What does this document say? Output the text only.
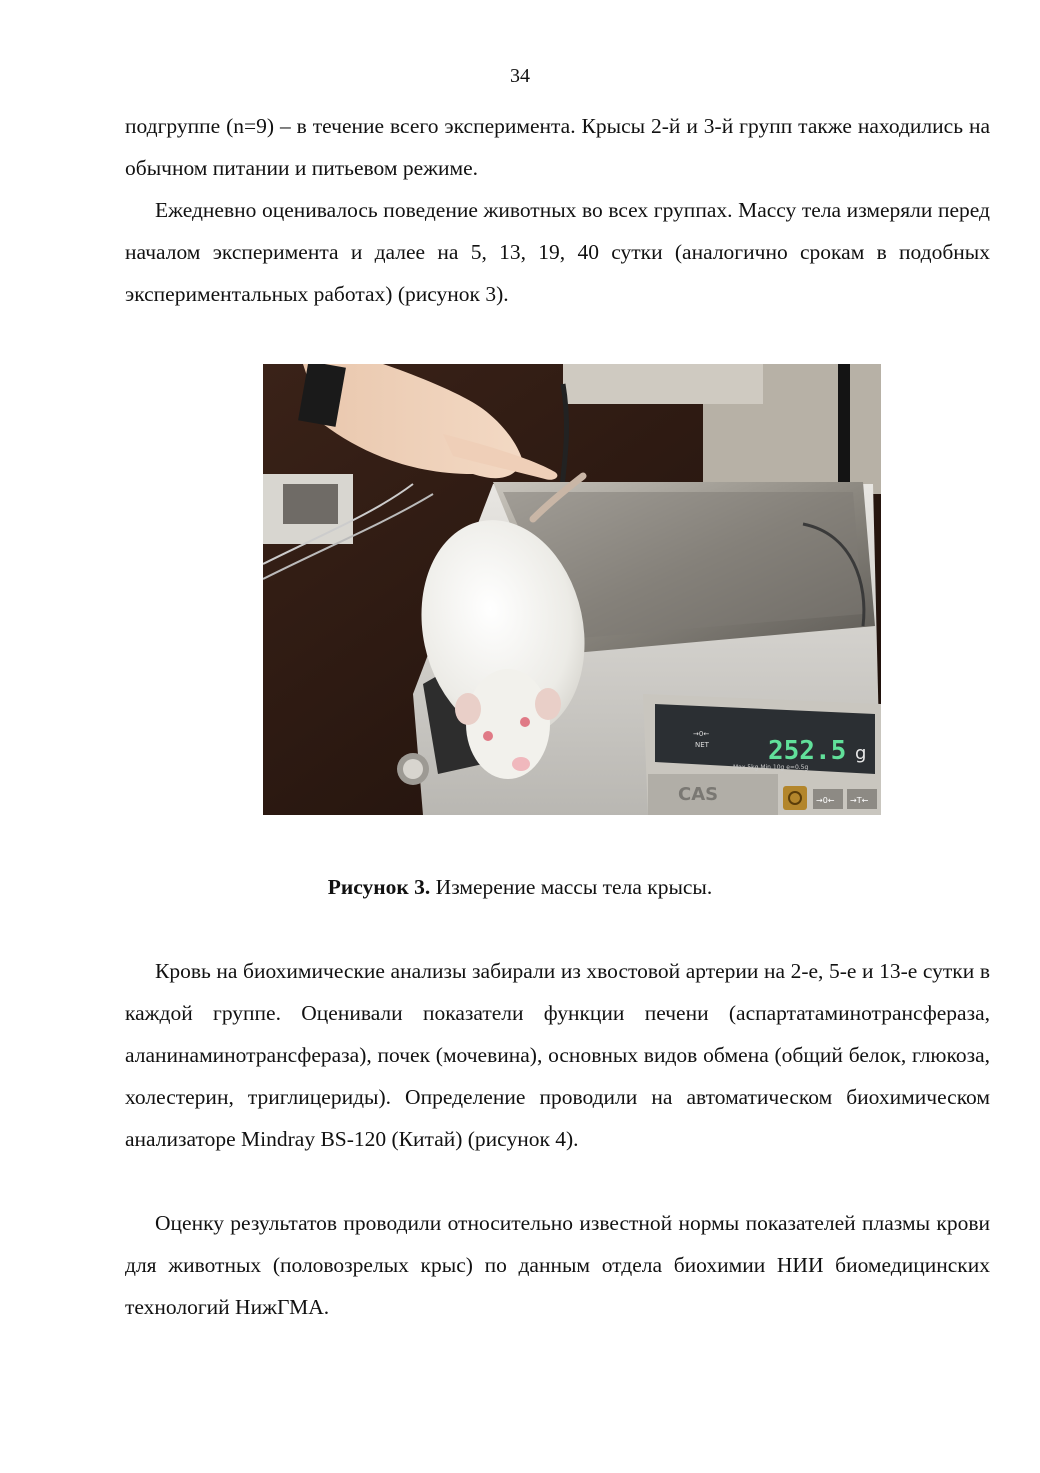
34

подгруппе (n=9) – в течение всего эксперимента. Крысы 2-й и 3-й групп также находились на обычном питании и питьевом режиме.

Ежедневно оценивалось поведение животных во всех группах. Массу тела измеряли перед началом эксперимента и далее на 5, 13, 19, 40 сутки (аналогично срокам в подобных экспериментальных работах) (рисунок 3).

252.5 g
→0←
NET
Max 5kg Min 10g e=0.5g
CAS	→0← →T←

Рисунок 3. Измерение массы тела крысы.

Кровь на биохимические анализы забирали из хвостовой артерии на 2-е, 5-е и 13-е сутки в каждой группе. Оценивали показатели функции печени (аспартатаминотрансфераза, аланинаминотрансфераза), почек (мочевина), основных видов обмена (общий белок, глюкоза, холестерин, триглицериды). Определение проводили на автоматическом биохимическом анализаторе Mindray BS-120 (Китай) (рисунок 4).

Оценку результатов проводили относительно известной нормы показателей плазмы крови для животных (половозрелых крыс) по данным отдела биохимии НИИ биомедицинских технологий НижГМА.
